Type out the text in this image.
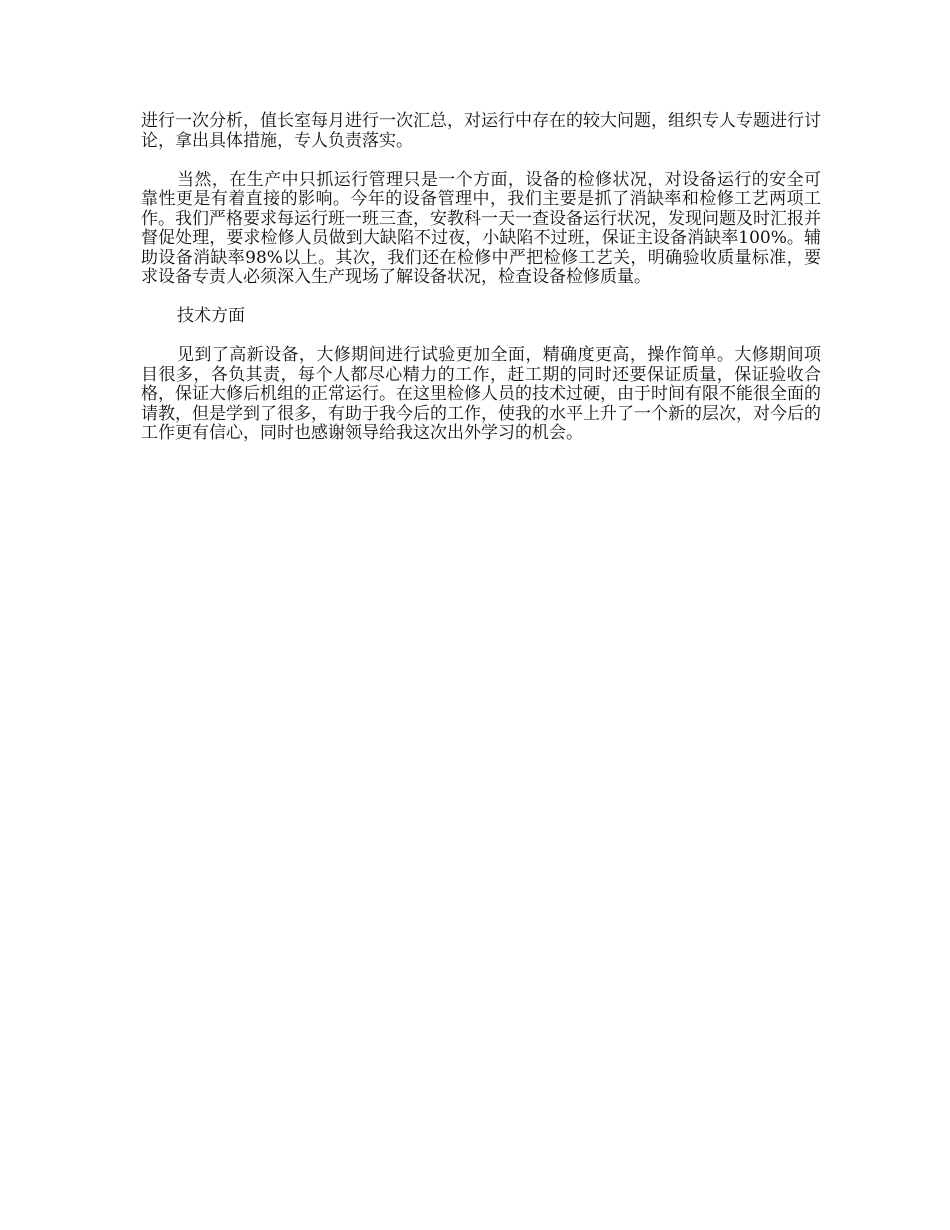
进行一次分析，值长室每月进行一次汇总，对运行中存在的较大问题，组织专人专题进行讨论，拿出具体措施，专人负责落实。

当然，在生产中只抓运行管理只是一个方面，设备的检修状况，对设备运行的安全可靠性更是有着直接的影响。今年的设备管理中，我们主要是抓了消缺率和检修工艺两项工作。我们严格要求每运行班一班三查，安教科一天一查设备运行状况，发现问题及时汇报并督促处理，要求检修人员做到大缺陷不过夜，小缺陷不过班，保证主设备消缺率100%。辅助设备消缺率98%以上。其次，我们还在检修中严把检修工艺关，明确验收质量标准，要求设备专责人必须深入生产现场了解设备状况，检查设备检修质量。

技术方面

见到了高新设备，大修期间进行试验更加全面，精确度更高，操作简单。大修期间项目很多，各负其责，每个人都尽心精力的工作，赶工期的同时还要保证质量，保证验收合格，保证大修后机组的正常运行。在这里检修人员的技术过硬，由于时间有限不能很全面的请教，但是学到了很多，有助于我今后的工作，使我的水平上升了一个新的层次，对今后的工作更有信心，同时也感谢领导给我这次出外学习的机会。
